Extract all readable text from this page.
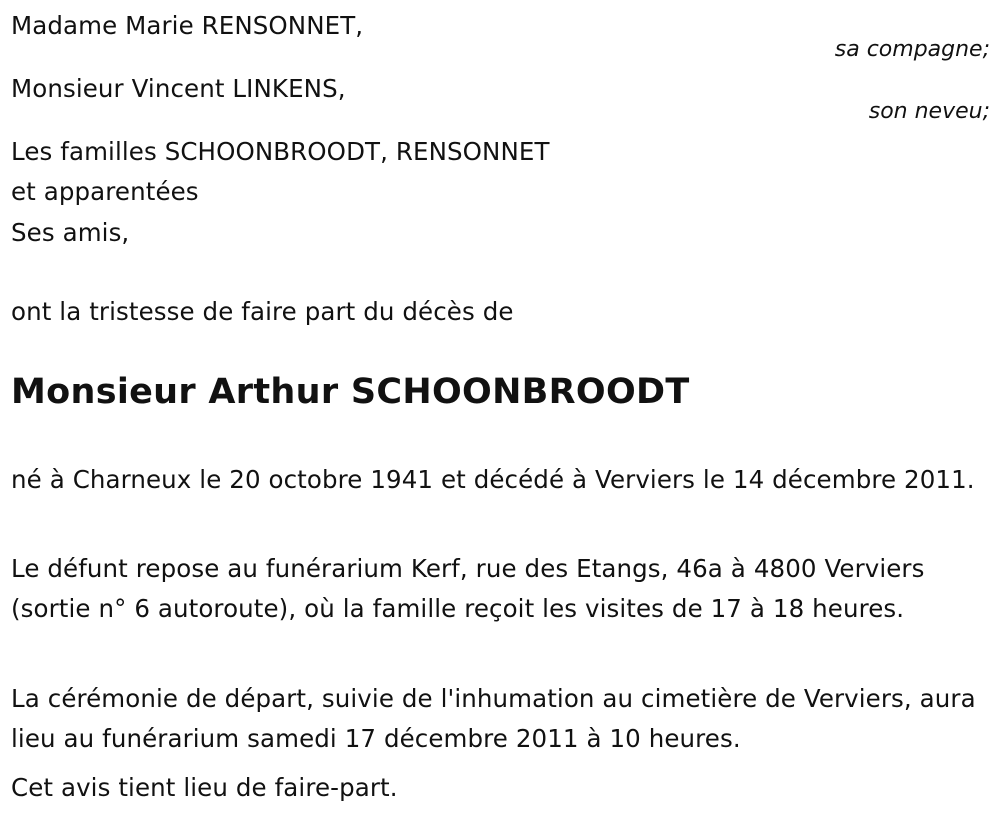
Madame Marie RENSONNET,
sa compagne;
Monsieur Vincent LINKENS,
son neveu;
Les familles SCHOONBROODT, RENSONNET
et apparentées
Ses amis,
ont la tristesse de faire part du décès de
Monsieur Arthur SCHOONBROODT
né à Charneux le 20 octobre 1941 et décédé à Verviers le 14 décembre 2011.
Le défunt repose au funérarium Kerf, rue des Etangs, 46a à 4800 Verviers (sortie n° 6 autoroute), où la famille reçoit les visites de 17 à 18 heures.
La cérémonie de départ, suivie de l'inhumation au cimetière de Verviers, aura lieu au funérarium samedi 17 décembre 2011 à 10 heures.
Cet avis tient lieu de faire-part.
